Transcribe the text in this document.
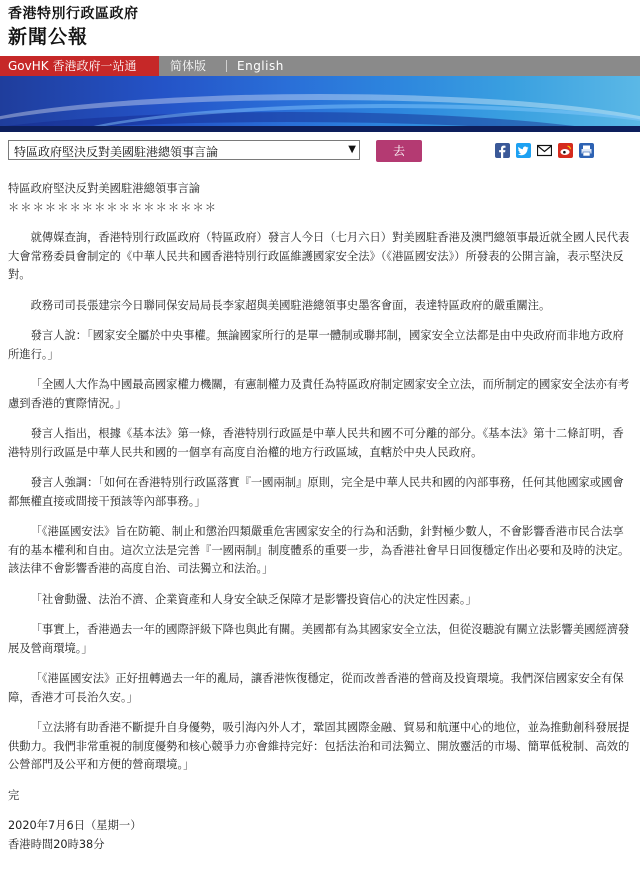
香港特別行政區政府
新聞公報
GovHK 香港政府一站通	简体版	English
特區政府堅決反對美國駐港總領事言論	▼	去

特區政府堅決反對美國駐港總領事言論

＊＊＊＊＊＊＊＊＊＊＊＊＊＊＊＊＊

就傳媒查詢，香港特別行政區政府（特區政府）發言人今日（七月六日）對美國駐香港及澳門總領事最近就全國人民代表大會常務委員會制定的《中華人民共和國香港特別行政區維護國家安全法》（《港區國安法》）所發表的公開言論，表示堅決反對。

政務司司長張建宗今日聯同保安局局長李家超與美國駐港總領事史墨客會面，表達特區政府的嚴重關注。

發言人說：「國家安全屬於中央事權。無論國家所行的是單一體制或聯邦制，國家安全立法都是由中央政府而非地方政府所進行。」

「全國人大作為中國最高國家權力機關，有憲制權力及責任為特區政府制定國家安全立法，而所制定的國家安全法亦有考慮到香港的實際情況。」

發言人指出，根據《基本法》第一條，香港特別行政區是中華人民共和國不可分離的部分。《基本法》第十二條訂明，香港特別行政區是中華人民共和國的一個享有高度自治權的地方行政區域，直轄於中央人民政府。

發言人強調：「如何在香港特別行政區落實『一國兩制』原則，完全是中華人民共和國的內部事務，任何其他國家或國會都無權直接或間接干預該等內部事務。」

「《港區國安法》旨在防範、制止和懲治四類嚴重危害國家安全的行為和活動，針對極少數人，不會影響香港市民合法享有的基本權利和自由。這次立法是完善『一國兩制』制度體系的重要一步，為香港社會早日回復穩定作出必要和及時的決定。該法律不會影響香港的高度自治、司法獨立和法治。」

「社會動盪、法治不濟、企業資產和人身安全缺乏保障才是影響投資信心的決定性因素。」

「事實上，香港過去一年的國際評級下降也與此有關。美國都有為其國家安全立法，但從沒聽說有關立法影響美國經濟發展及營商環境。」

「《港區國安法》正好扭轉過去一年的亂局，讓香港恢復穩定，從而改善香港的營商及投資環境。我們深信國家安全有保障，香港才可長治久安。」

「立法將有助香港不斷提升自身優勢，吸引海內外人才，鞏固其國際金融、貿易和航運中心的地位，並為推動創科發展提供動力。我們非常重視的制度優勢和核心競爭力亦會維持完好：包括法治和司法獨立、開放靈活的市場、簡單低稅制、高效的公營部門及公平和方便的營商環境。」

完

2020年7月6日（星期一）

香港時間20時38分
